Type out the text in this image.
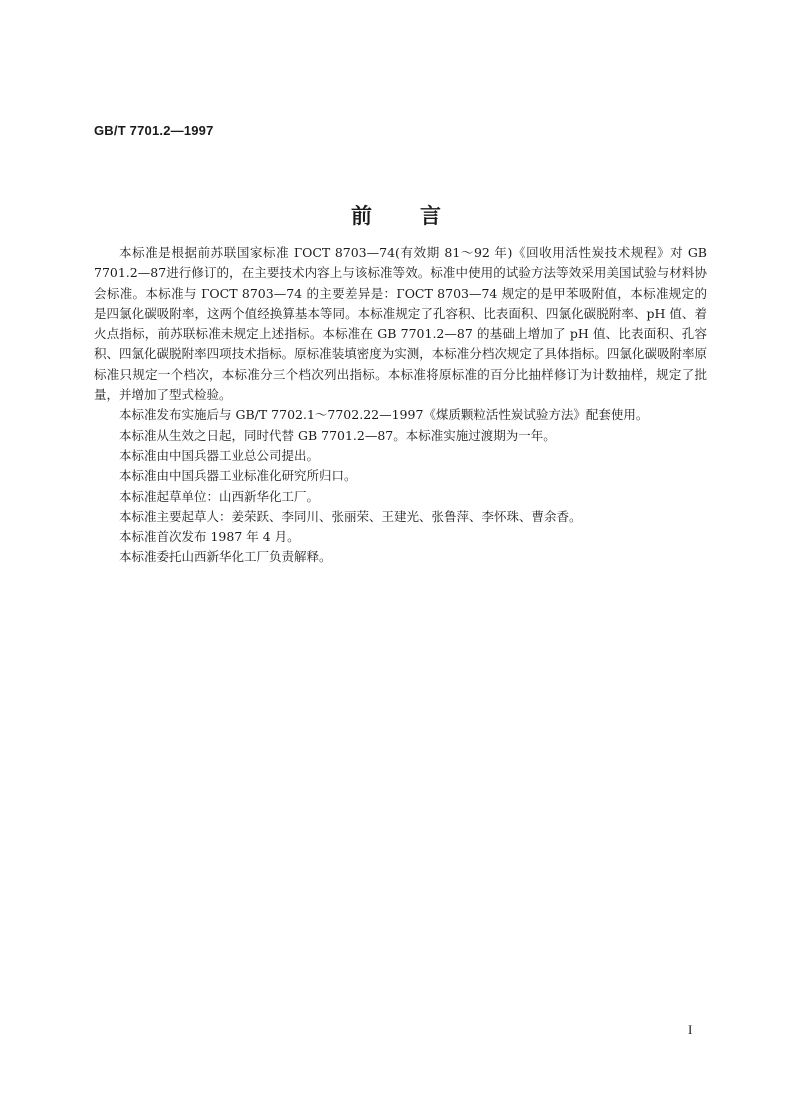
GB/T 7701.2—1997
前言

本标准是根据前苏联国家标准 ГОСТ 8703—74(有效期 81～92 年)《回收用活性炭技术规程》对 GB 7701.2—87进行修订的，在主要技术内容上与该标准等效。标准中使用的试验方法等效采用美国试验与材料协会标准。本标准与 ГОСТ 8703—74 的主要差异是：ГОСТ 8703—74 规定的是甲苯吸附值，本标准规定的是四氯化碳吸附率，这两个值经换算基本等同。本标准规定了孔容积、比表面积、四氯化碳脱附率、pH 值、着火点指标，前苏联标准未规定上述指标。本标准在 GB 7701.2—87 的基础上增加了 pH 值、比表面积、孔容积、四氯化碳脱附率四项技术指标。原标准装填密度为实测，本标准分档次规定了具体指标。四氯化碳吸附率原标准只规定一个档次，本标准分三个档次列出指标。本标准将原标准的百分比抽样修订为计数抽样，规定了批量，并增加了型式检验。

本标准发布实施后与 GB/T 7702.1～7702.22—1997《煤质颗粒活性炭试验方法》配套使用。

本标准从生效之日起，同时代替 GB 7701.2—87。本标准实施过渡期为一年。

本标准由中国兵器工业总公司提出。

本标准由中国兵器工业标准化研究所归口。

本标准起草单位：山西新华化工厂。

本标准主要起草人：姜荣跃、李同川、张丽荣、王建光、张鲁萍、李怀珠、曹余香。

本标准首次发布 1987 年 4 月。

本标准委托山西新华化工厂负责解释。

I
